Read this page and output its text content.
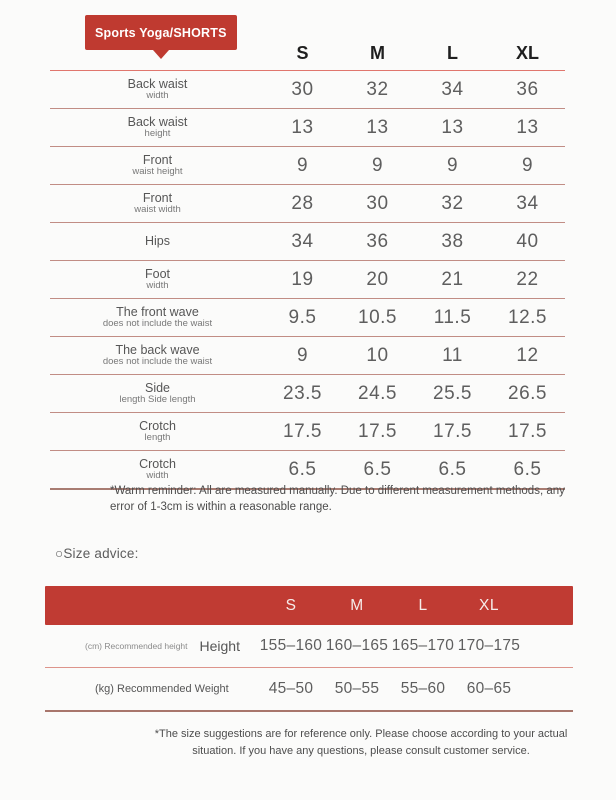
Sports Yoga/SHORTS
S	M	L	XL
Back waist
width	30	32	34	36
Back waist
height	13	13	13	13
Front
waist height	9	9	9	9
Front
waist width	28	30	32	34
Hips	34	36	38	40
Foot
width	19	20	21	22
The front wave
does not include the waist	9.5	10.5	11.5	12.5
The back wave
does not include the waist	9	10	11	12
Side
length Side length	23.5	24.5	25.5	26.5
Crotch
length	17.5	17.5	17.5	17.5
Crotch
width	6.5	6.5	6.5	6.5
*Warm reminder: All are measured manually. Due to different measurement methods, any error of 1-3cm is within a reasonable range.
○Size advice:
S	M	L	XL
(cm) Recommended height Height 155–160 160–165 165–170 170–175
(kg) Recommended Weight	45–50	50–55	55–60	60–65
*The size suggestions are for reference only. Please choose according to your actual situation. If you have any questions, please consult customer service.
